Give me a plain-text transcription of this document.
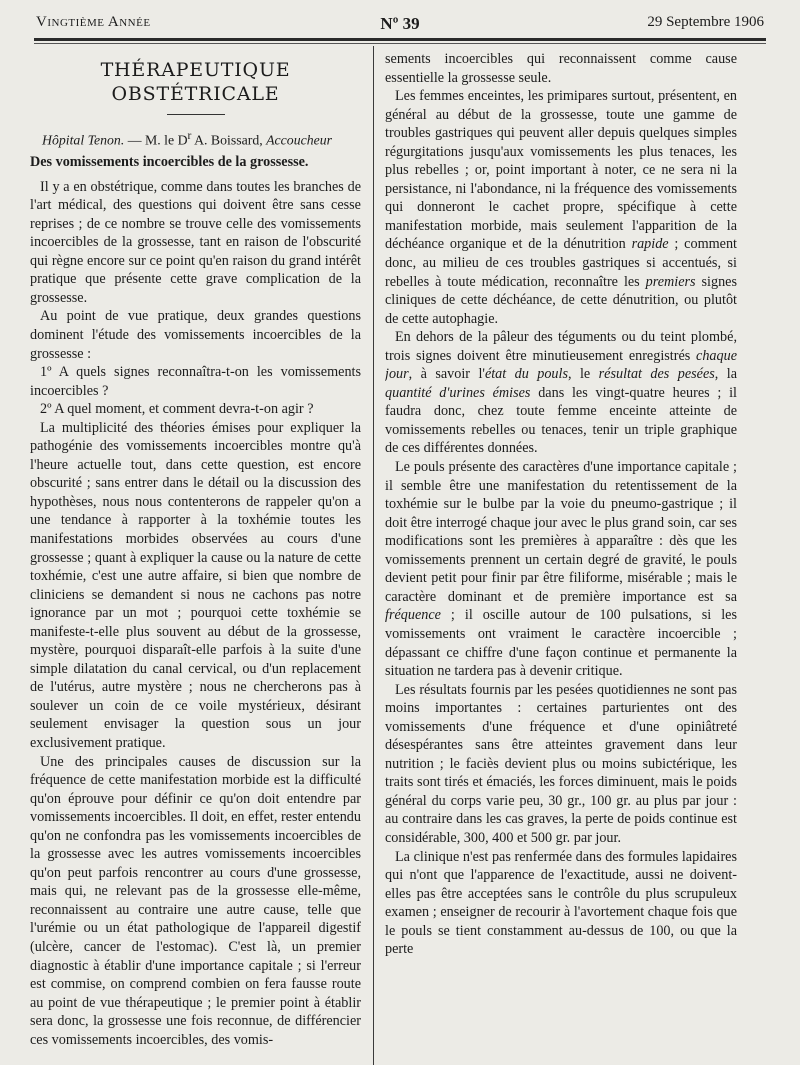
Vingtième Année	Nº 39	29 Septembre 1906
THÉRAPEUTIQUE OBSTÉTRICALE
Hôpital Tenon. — M. le $D^r$ A. Boissard, Accoucheur
Des vomissements incoercibles de la grossesse.

Il y a en obstétrique, comme dans toutes les branches de l'art médical, des questions qui doivent être sans cesse reprises ; de ce nombre se trouve celle des vomissements incoercibles de la grossesse, tant en raison de l'obscurité qui règne encore sur ce point qu'en raison du grand intérêt pratique que présente cette grave complication de la grossesse.

Au point de vue pratique, deux grandes questions dominent l'étude des vomissements incoercibles de la grossesse :

1º A quels signes reconnaîtra-t-on les vomissements incoercibles ?

2º A quel moment, et comment devra-t-on agir ?

La multiplicité des théories émises pour expliquer la pathogénie des vomissements incoercibles montre qu'à l'heure actuelle tout, dans cette question, est encore obscurité ; sans entrer dans le détail ou la discussion des hypothèses, nous nous contenterons de rappeler qu'on a une tendance à rapporter à la toxhémie toutes les manifestations morbides observées au cours d'une grossesse ; quant à expliquer la cause ou la nature de cette toxhémie, c'est une autre affaire, si bien que nombre de cliniciens se demandent si nous ne cachons pas notre ignorance par un mot ; pourquoi cette toxhémie se manifeste-t-elle plus souvent au début de la grossesse, mystère, pourquoi disparaît-elle parfois à la suite d'une simple dilatation du canal cervical, ou d'un replacement de l'utérus, autre mystère ; nous ne chercherons pas à soulever un coin de ce voile mystérieux, désirant seulement envisager la question sous un jour exclusivement pratique.

Une des principales causes de discussion sur la fréquence de cette manifestation morbide est la difficulté qu'on éprouve pour définir ce qu'on doit entendre par vomissements incoercibles. Il doit, en effet, rester entendu qu'on ne confondra pas les vomissements incoercibles de la grossesse avec les autres vomissements incoercibles qu'on peut parfois rencontrer au cours d'une grossesse, mais qui, ne relevant pas de la grossesse elle-même, reconnaissent au contraire une autre cause, telle que l'urémie ou un état pathologique de l'appareil digestif (ulcère, cancer de l'estomac). C'est là, un premier diagnostic à établir d'une importance capitale ; si l'erreur est commise, on comprend combien on fera fausse route au point de vue thérapeutique ; le premier point à établir sera donc, la grossesse une fois reconnue, de différencier ces vomissements incoercibles, des vomis-

sements incoercibles qui reconnaissent comme cause essentielle la grossesse seule.

Les femmes enceintes, les primipares surtout, présentent, en général au début de la grossesse, toute une gamme de troubles gastriques qui peuvent aller depuis quelques simples régurgitations jusqu'aux vomissements les plus tenaces, les plus rebelles ; or, point important à noter, ce ne sera ni la persistance, ni l'abondance, ni la fréquence des vomissements qui donneront le cachet propre, spécifique à cette manifestation morbide, mais seulement l'apparition de la déchéance organique et de la dénutrition rapide ; comment donc, au milieu de ces troubles gastriques si accentués, si rebelles à toute médication, reconnaître les premiers signes cliniques de cette déchéance, de cette dénutrition, ou plutôt de cette autophagie.

En dehors de la pâleur des téguments ou du teint plombé, trois signes doivent être minutieusement enregistrés chaque jour, à savoir l'état du pouls, le résultat des pesées, la quantité d'urines émises dans les vingt-quatre heures ; il faudra donc, chez toute femme enceinte atteinte de vomissements rebelles ou tenaces, tenir un triple graphique de ces différentes données.

Le pouls présente des caractères d'une importance capitale ; il semble être une manifestation du retentissement de la toxhémie sur le bulbe par la voie du pneumo-gastrique ; il doit être interrogé chaque jour avec le plus grand soin, car ses modifications sont les premières à apparaître : dès que les vomissements prennent un certain degré de gravité, le pouls devient petit pour finir par être filiforme, misérable ; mais le caractère dominant et de première importance est sa fréquence ; il oscille autour de 100 pulsations, si les vomissements ont vraiment le caractère incoercible ; dépassant ce chiffre d'une façon continue et permanente la situation ne tardera pas à devenir critique.

Les résultats fournis par les pesées quotidiennes ne sont pas moins importantes : certaines parturientes ont des vomissements d'une fréquence et d'une opiniâtreté désespérantes sans être atteintes gravement dans leur nutrition ; le faciès devient plus ou moins subictérique, les traits sont tirés et émaciés, les forces diminuent, mais le poids général du corps varie peu, 30 gr., 100 gr. au plus par jour : au contraire dans les cas graves, la perte de poids continue est considérable, 300, 400 et 500 gr. par jour.

La clinique n'est pas renfermée dans des formules lapidaires qui n'ont que l'apparence de l'exactitude, aussi ne doivent-elles pas être acceptées sans le contrôle du plus scrupuleux examen ; enseigner de recourir à l'avortement chaque fois que le pouls se tient constamment au-dessus de 100, ou que la perte
